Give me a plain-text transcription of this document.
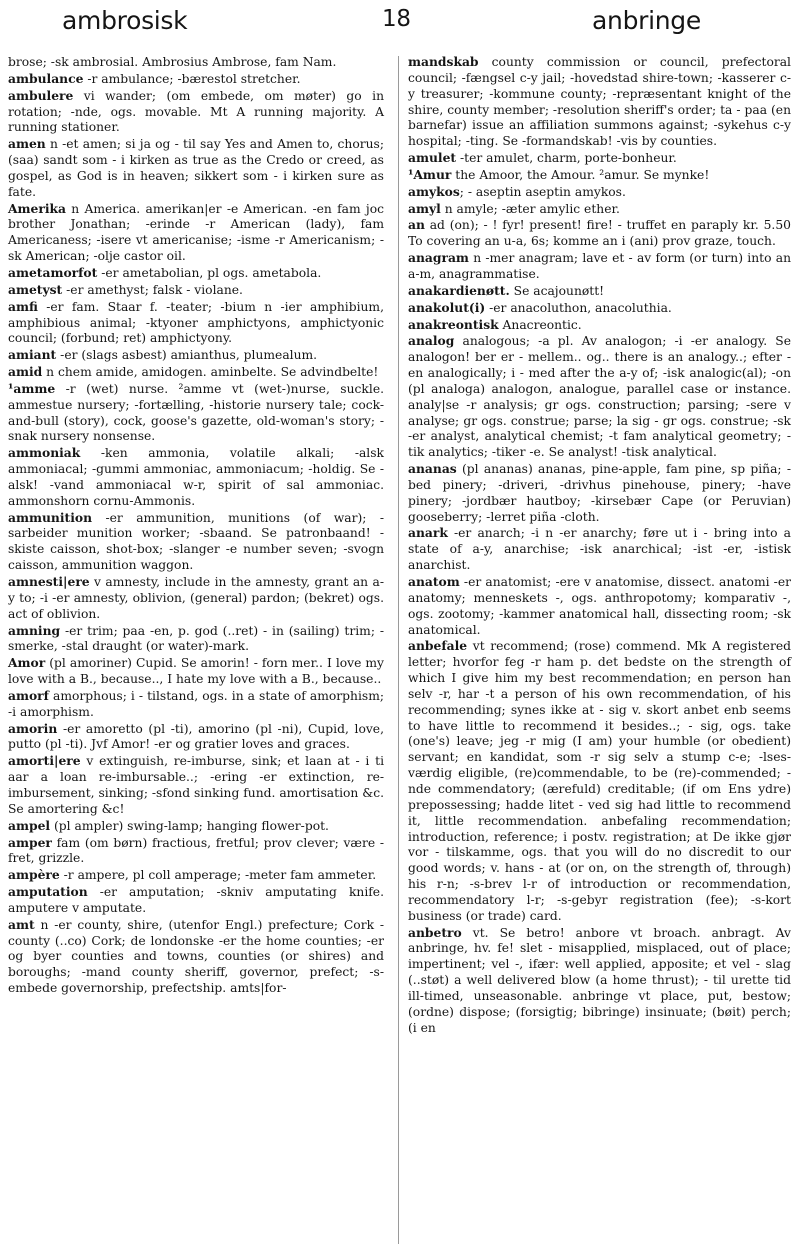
ambrosisk	18	anbringe

brose; -sk ambrosial. Ambrosius Ambrose, fam Nam.

ambulance -r ambulance; -bærestol stretcher.

ambulere vi wander; (om embede, om møter) go in rotation; -nde, ogs. movable. Mt A running majority. A running stationer.

amen n -et amen; si ja og - til say Yes and Amen to, chorus; (saa) sandt som - i kirken as true as the Credo or creed, as gospel, as God is in heaven; sikkert som - i kirken sure as fate.

Amerika n America. amerikan|er -e American. -en fam joc brother Jonathan; -erinde -r American (lady), fam Americaness; -isere vt americanise; -isme -r Americanism; -sk American; -olje castor oil.

ametamorfot -er ametabolian, pl ogs. ametabola.

ametyst -er amethyst; falsk - violane.

amfi -er fam. Staar f. -teater; -bium n -ier amphibium, amphibious animal; -ktyoner amphictyons, amphictyonic council; (forbund; ret) amphictyony.

amiant -er (slags asbest) amianthus, plumealum.

amid n chem amide, amidogen. aminbelte. Se advindbelte!

¹amme -r (wet) nurse. ²amme vt (wet-)nurse, suckle. ammestue nursery; -fortælling, -historie nursery tale; cock-and-bull (story), cock, goose's gazette, old-woman's story; -snak nursery nonsense.

ammoniak -ken ammonia, volatile alkali; -alsk ammoniacal; -gummi ammoniac, ammoniacum; -holdig. Se -alsk! -vand ammoniacal w-r, spirit of sal ammoniac. ammonshorn cornu-Ammonis.

ammunition -er ammunition, munitions (of war); -sarbeider munition worker; -sbaand. Se patronbaand! -skiste caisson, shot-box; -slanger -e number seven; -svogn caisson, ammunition waggon.

amnesti|ere v amnesty, include in the amnesty, grant an a-y to; -i -er amnesty, oblivion, (general) pardon; (bekret) ogs. act of oblivion.

amning -er trim; paa -en, p. god (..ret) - in (sailing) trim; -smerke, -stal draught (or water)-mark.

Amor (pl amoriner) Cupid. Se amorin! - forn mer.. I love my love with a B., because.., I hate my love with a B., because..

amorf amorphous; i - tilstand, ogs. in a state of amorphism; -i amorphism.

amorin -er amoretto (pl -ti), amorino (pl -ni), Cupid, love, putto (pl -ti). Jvf Amor! -er og gratier loves and graces.

amorti|ere v extinguish, re-imburse, sink; et laan at - i ti aar a loan re-imbursable..; -ering -er extinction, re-imbursement, sinking; -sfond sinking fund. amortisation &c. Se amortering &c!

ampel (pl ampler) swing-lamp; hanging flower-pot.

amper fam (om børn) fractious, fretful; prov clever; være - fret, grizzle.

ampère -r ampere, pl coll amperage; -meter fam ammeter.

amputation -er amputation; -skniv amputating knife. amputere v amputate.

amt n -er county, shire, (utenfor Engl.) prefecture; Cork - county (..co) Cork; de londonske -er the home counties; -er og byer counties and towns, counties (or shires) and boroughs; -mand county sheriff, governor, prefect; -s-embede governorship, prefectship. amts|for-

mandskab county commission or council, prefectoral council; -fængsel c-y jail; -hovedstad shire-town; -kasserer c-y treasurer; -kommune county; -repræsentant knight of the shire, county member; -resolution sheriff's order; ta - paa (en barnefar) issue an affiliation summons against; -sykehus c-y hospital; -ting. Se -formandskab! -vis by counties.

amulet -ter amulet, charm, porte-bonheur.

¹Amur the Amoor, the Amour. ²amur. Se mynke!

amykos; - aseptin aseptin amykos.

amyl n amyle; -æter amylic ether.

an ad (on); - ! fyr! present! fire! - truffet en paraply kr. 5.50 To covering an u-a, 6s; komme an i (ani) prov graze, touch.

anagram n -mer anagram; lave et - av form (or turn) into an a-m, anagrammatise.

anakardienøtt. Se acajounøtt!

anakolut(i) -er anacoluthon, anacoluthia.

anakreontisk Anacreontic.

analog analogous; -a pl. Av analogon; -i -er analogy. Se analogon! ber er - mellem.. og.. there is an analogy..; efter -en analogically; i - med after the a-y of; -isk analogic(al); -on (pl analoga) analogon, analogue, parallel case or instance. analy|se -r analysis; gr ogs. construction; parsing; -sere v analyse; gr ogs. construe; parse; la sig - gr ogs. construe; -sk -er analyst, analytical chemist; -t fam analytical geometry; -tik analytics; -tiker -e. Se analyst! -tisk analytical.

ananas (pl ananas) ananas, pine-apple, fam pine, sp piña; -bed pinery; -driveri, -drivhus pinehouse, pinery; -have pinery; -jordbær hautboy; -kirsebær Cape (or Peruvian) gooseberry; -lerret piña -cloth.

anark -er anarch; -i n -er anarchy; føre ut i - bring into a state of a-y, anarchise; -isk anarchical; -ist -er, -istisk anarchist.

anatom -er anatomist; -ere v anatomise, dissect. anatomi -er anatomy; menneskets -, ogs. anthropotomy; komparativ -, ogs. zootomy; -kammer anatomical hall, dissecting room; -sk anatomical.

anbefale vt recommend; (rose) commend. Mk A registered letter; hvorfor feg -r ham p. det bedste on the strength of which I give him my best recommendation; en person han selv -r, har -t a person of his own recommendation, of his recommending; synes ikke at - sig v. skort anbet enb seems to have little to recommend it besides..; - sig, ogs. take (one's) leave; jeg -r mig (I am) your humble (or obedient) servant; en kandidat, som -r sig selv a stump c-e; -lses-værdig eligible, (re)commendable, to be (re)-commended; -nde commendatory; (ærefuld) creditable; (if om Ens ydre) prepossessing; hadde litet - ved sig had little to recommend it, little recommendation. anbefaling recommendation; introduction, reference; i postv. registration; at De ikke gjør vor - tilskamme, ogs. that you will do no discredit to our good words; v. hans - at (or on, on the strength of, through) his r-n; -s-brev l-r of introduction or recommendation, recommendatory l-r; -s-gebyr registration (fee); -s-kort business (or trade) card.

anbetro vt. Se betro! anbore vt broach. anbragt. Av anbringe, hv. fe! slet - misapplied, misplaced, out of place; impertinent; vel -, ifær: well applied, apposite; et vel - slag (..støt) a well delivered blow (a home thrust); - til urette tid ill-timed, unseasonable. anbringe vt place, put, bestow; (ordne) dispose; (forsigtig; bibringe) insinuate; (bøit) perch; (i en
